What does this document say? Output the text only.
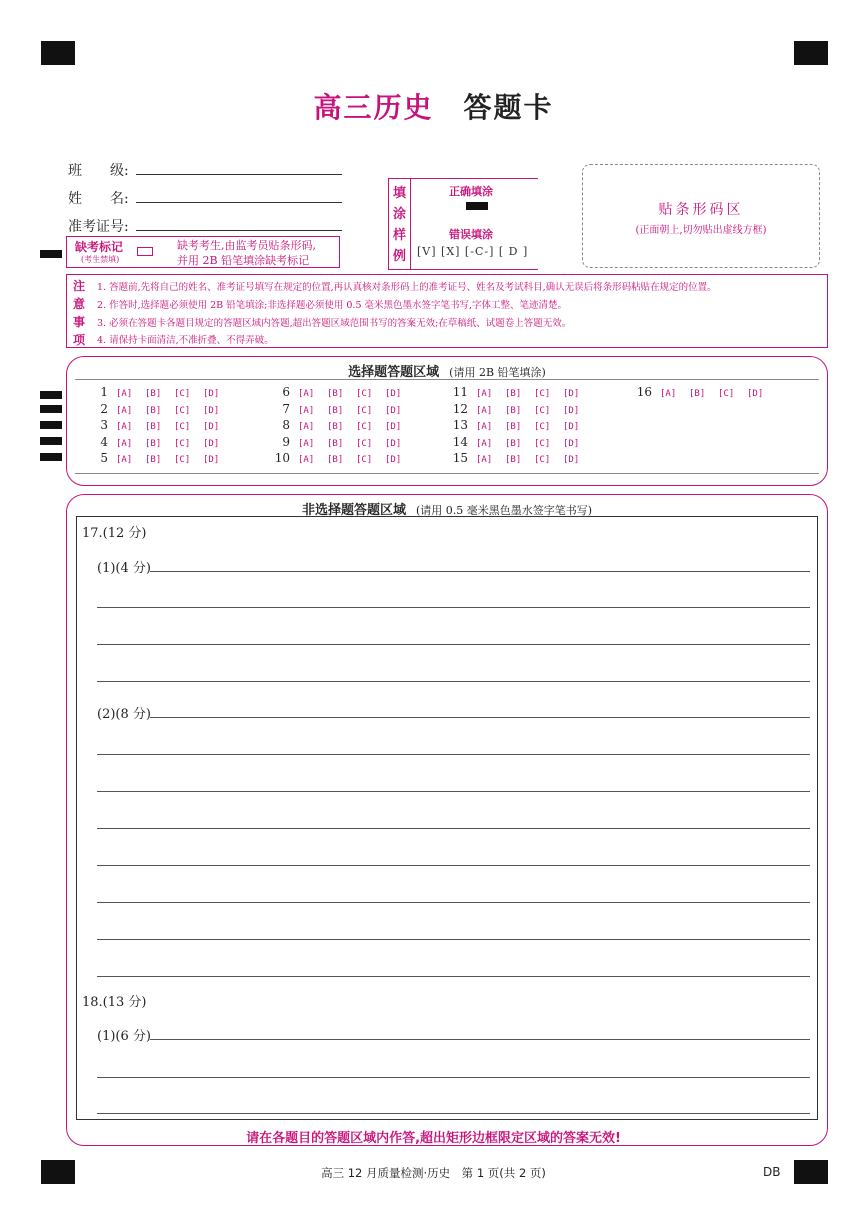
高三历史 答题卡
班　　级:
姓　　名:
准考证号:
缺考标记
(考生禁填)
缺考考生,由监考员贴条形码,
并用 2B 铅笔填涂缺考标记
填
涂
样
例
正确填涂
错误填涂
[V] [X] [-C-] [ D ]
贴条形码区
(正面朝上,切勿贴出虚线方框)
注
意
事
项
1. 答题前,先将自己的姓名、准考证号填写在规定的位置,再认真核对条形码上的准考证号、姓名及考试科目,确认无误后将条形码粘贴在规定的位置。
2. 作答时,选择题必须使用 2B 铅笔填涂;非选择题必须使用 0.5 毫米黑色墨水签字笔书写,字体工整、笔迹清楚。
3. 必须在答题卡各题目规定的答题区域内答题,超出答题区域范围书写的答案无效;在草稿纸、试题卷上答题无效。
4. 请保持卡面清洁,不准折叠、不得弄破。
选择题答题区域 (请用 2B 铅笔填涂)
1 [A] [B] [C] [D]
2 [A] [B] [C] [D]
3 [A] [B] [C] [D]
4 [A] [B] [C] [D]
5 [A] [B] [C] [D]
6 [A] [B] [C] [D]
7 [A] [B] [C] [D]
8 [A] [B] [C] [D]
9 [A] [B] [C] [D]
10 [A] [B] [C] [D]
11 [A] [B] [C] [D]
12 [A] [B] [C] [D]
13 [A] [B] [C] [D]
14 [A] [B] [C] [D]
15 [A] [B] [C] [D]
16 [A] [B] [C] [D]
非选择题答题区域 (请用 0.5 毫米黑色墨水签字笔书写)
17.(12 分)
(1)(4 分)
(2)(8 分)
18.(13 分)
(1)(6 分)
请在各题目的答题区域内作答,超出矩形边框限定区域的答案无效!
高三 12 月质量检测·历史　第 1 页(共 2 页)	DB
